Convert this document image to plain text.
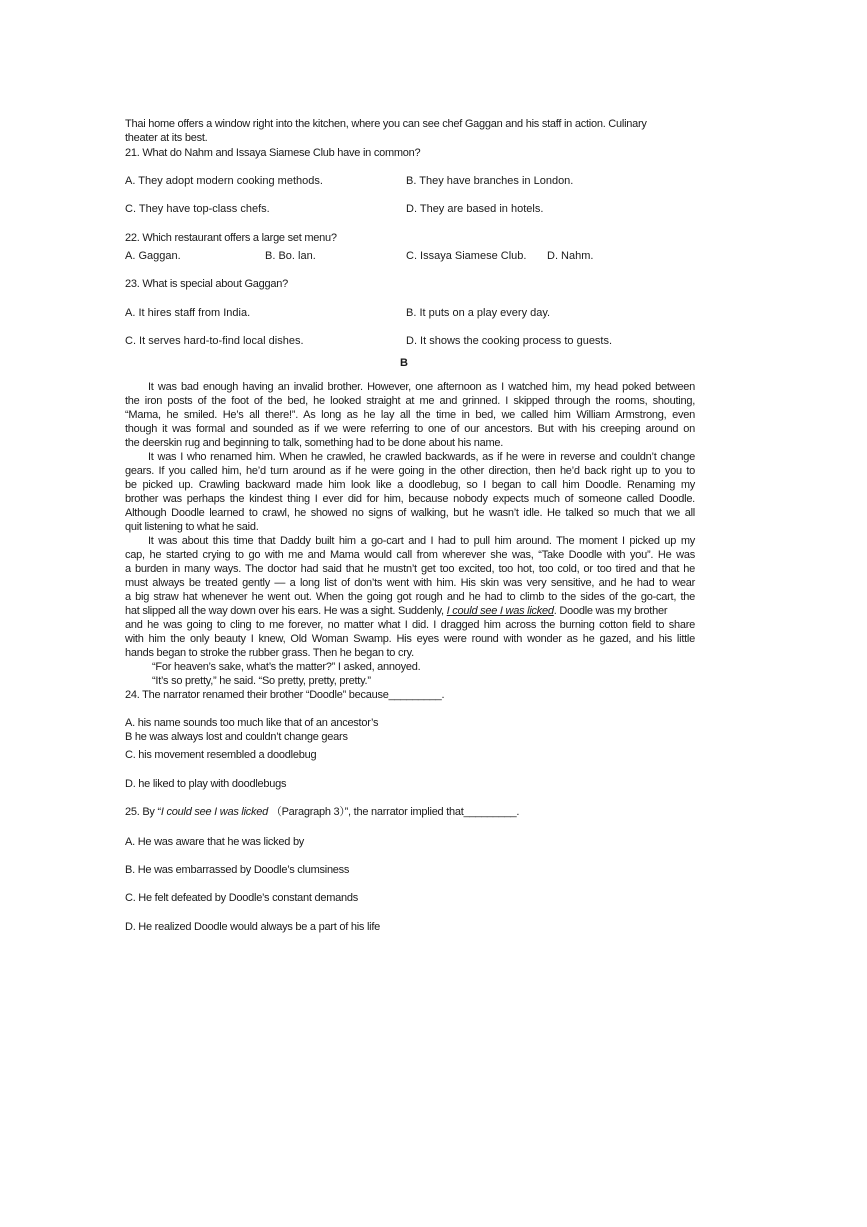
Thai home offers a window right into the kitchen, where you can see chef Gaggan and his staff in action. Culinary
theater at its best.
21. What do Nahm and Issaya Siamese Club have in common?
A. They adopt modern cooking methods.	B. They have branches in London.
C. They have top-class chefs.	D. They are based in hotels.
22. Which restaurant offers a large set menu?
A. Gaggan.	B. Bo. lan.	C. Issaya Siamese Club. D. Nahm.
23. What is special about Gaggan?
A. It hires staff from India.	B. It puts on a play every day.
C. It serves hard-to-find local dishes.	D. It shows the cooking process to guests.
B
It was bad enough having an invalid brother. However, one afternoon as I watched him, my head poked between
the iron posts of the foot of the bed, he looked straight at me and grinned. I skipped through the rooms, shouting,
“Mama, he smiled. He’s all there!”. As long as he lay all the time in bed, we called him William Armstrong, even
though it was formal and sounded as if we were referring to one of our ancestors. But with his creeping around on
the deerskin rug and beginning to talk, something had to be done about his name.
It was I who renamed him. When he crawled, he crawled backwards, as if he were in reverse and couldn’t change
gears. If you called him, he’d turn around as if he were going in the other direction, then he’d back right up to you to
be picked up. Crawling backward made him look like a doodlebug, so I began to call him Doodle. Renaming my
brother was perhaps the kindest thing I ever did for him, because nobody expects much of someone called Doodle.
Although Doodle learned to crawl, he showed no signs of walking, but he wasn’t idle. He talked so much that we all
quit listening to what he said.
It was about this time that Daddy built him a go-cart and I had to pull him around. The moment I picked up my
cap, he started crying to go with me and Mama would call from wherever she was, “Take Doodle with you”. He was
a burden in many ways. The doctor had said that he mustn’t get too excited, too hot, too cold, or too tired and that he
must always be treated gently — a long list of don’ts went with him. His skin was very sensitive, and he had to wear
a big straw hat whenever he went out. When the going got rough and he had to climb to the sides of the go-cart, the
hat slipped all the way down over his ears. He was a sight. Suddenly, I could see I was licked. Doodle was my brother
and he was going to cling to me forever, no matter what I did. I dragged him across the burning cotton field to share
with him the only beauty I knew, Old Woman Swamp. His eyes were round with wonder as he gazed, and his little
hands began to stroke the rubber grass. Then he began to cry.
“For heaven’s sake, what’s the matter?” I asked, annoyed.
“It’s so pretty,” he said. “So pretty, pretty, pretty.”
24. The narrator renamed their brother “Doodle” because_________.
A. his name sounds too much like that of an ancestor’s
B he was always lost and couldn’t change gears
C. his movement resembled a doodlebug
D. he liked to play with doodlebugs
25. By “I could see I was licked （Paragraph 3）”, the narrator implied that_________.
A. He was aware that he was licked by
B. He was embarrassed by Doodle’s clumsiness
C. He felt defeated by Doodle’s constant demands
D. He realized Doodle would always be a part of his life
